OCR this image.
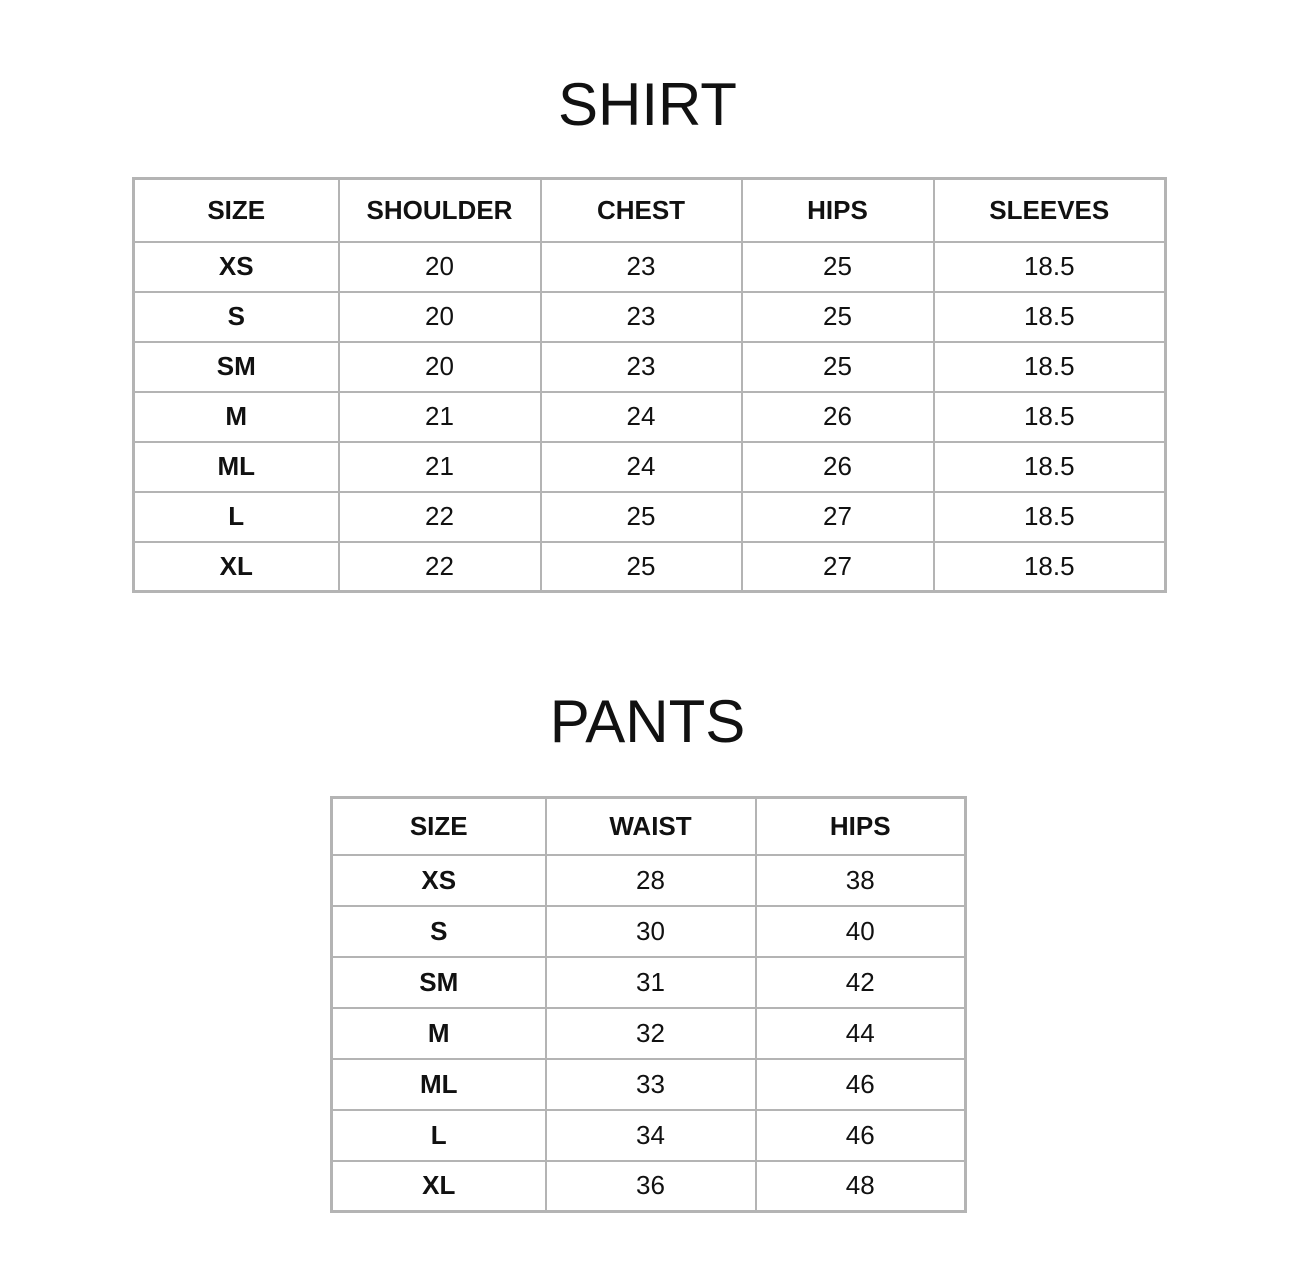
SHIRT
SIZE	SHOULDER	CHEST	HIPS	SLEEVES
XS	20	23	25	18.5
S	20	23	25	18.5
SM	20	23	25	18.5
M	21	24	26	18.5
ML	21	24	26	18.5
L	22	25	27	18.5
XL	22	25	27	18.5
PANTS
SIZE	WAIST	HIPS
XS	28	38
S	30	40
SM	31	42
M	32	44
ML	33	46
L	34	46
XL	36	48
